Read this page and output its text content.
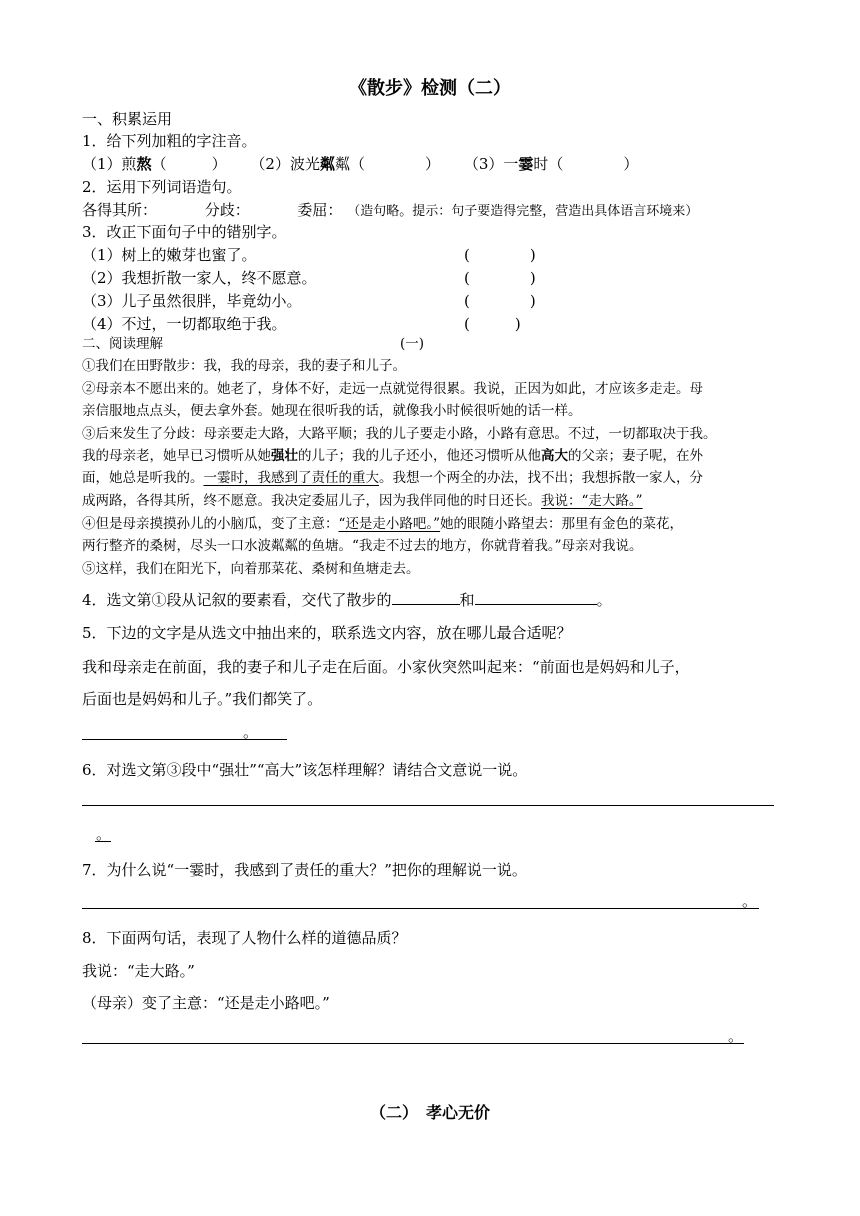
《散步》检测（二）
一、积累运用
1．给下列加粗的字注音。
（1）煎熬（　　　） （2）波光粼粼（　　　　） （3）一霎时（　　　　）
2．运用下列词语造句。
各得其所：	分歧：	委屈： （造句略。提示：句子要造得完整，营造出具体语言环境来）
3．改正下面句子中的错别字。
（1）树上的嫩芽也蜜了。	(　　　　)
（2）我想折散一家人，终不愿意。	(　　　　)
（3）儿子虽然很胖，毕竟幼小。	(　　　　)
（4）不过，一切都取绝于我。	(　　　)
二、阅读理解	(一)
①我们在田野散步：我，我的母亲，我的妻子和儿子。
②母亲本不愿出来的。她老了，身体不好，走远一点就觉得很累。我说，正因为如此，才应该多走走。母
亲信服地点点头，便去拿外套。她现在很听我的话，就像我小时候很听她的话一样。
③后来发生了分歧：母亲要走大路，大路平顺；我的儿子要走小路，小路有意思。不过，一切都取决于我。
我的母亲老，她早已习惯听从她强壮的儿子；我的儿子还小，他还习惯听从他高大的父亲；妻子呢，在外
面，她总是听我的。一霎时，我感到了责任的重大。我想一个两全的办法，找不出；我想拆散一家人，分
成两路，各得其所，终不愿意。我决定委屈儿子，因为我伴同他的时日还长。我说：“走大路。”
④但是母亲摸摸孙儿的小脑瓜，变了主意：“还是走小路吧。”她的眼随小路望去：那里有金色的菜花，
两行整齐的桑树，尽头一口水波粼粼的鱼塘。“我走不过去的地方，你就背着我。”母亲对我说。
⑤这样，我们在阳光下，向着那菜花、桑树和鱼塘走去。
4．选文第①段从记叙的要素看，交代了散步的	和	。
5．下边的文字是从选文中抽出来的，联系选文内容，放在哪儿最合适呢？
我和母亲走在前面，我的妻子和儿子走在后面。小家伙突然叫起来：“前面也是妈妈和儿子，
后面也是妈妈和儿子。”我们都笑了。
。
6．对选文第③段中“强壮”“高大”该怎样理解？请结合文意说一说。
。
7．为什么说“一霎时，我感到了责任的重大？”把你的理解说一说。
。
8．下面两句话，表现了人物什么样的道德品质？
我说：“走大路。”
（母亲）变了主意：“还是走小路吧。”
。
（二）　孝心无价
